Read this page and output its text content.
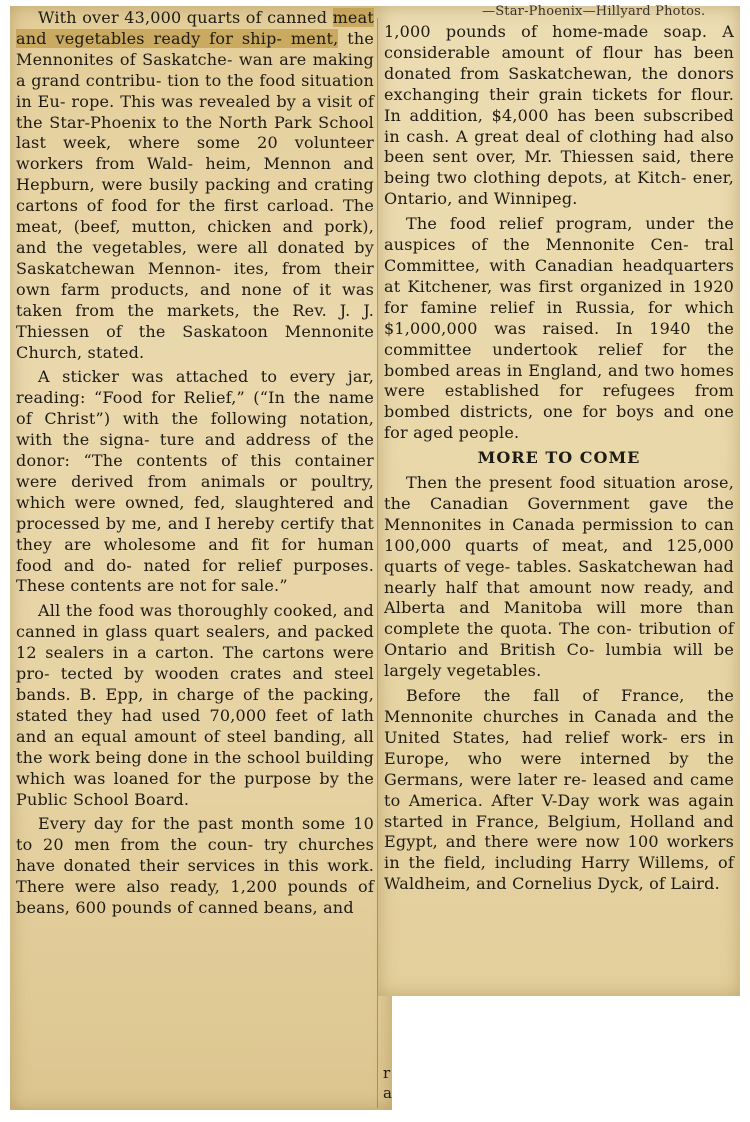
—Star-Phoenix—Hillyard Photos.

With over 43,000 quarts of canned meat and vegetables ready for ship- ment, the Mennonites of Saskatche- wan are making a grand contribu- tion to the food situation in Eu- rope. This was revealed by a visit of the Star-Phoenix to the North Park School last week, where some 20 volunteer workers from Wald- heim, Mennon and Hepburn, were busily packing and crating cartons of food for the first carload. The meat, (beef, mutton, chicken and pork), and the vegetables, were all donated by Saskatchewan Mennon- ites, from their own farm products, and none of it was taken from the markets, the Rev. J. J. Thiessen of the Saskatoon Mennonite Church, stated.

A sticker was attached to every jar, reading: “Food for Relief,” (“In the name of Christ”) with the following notation, with the signa- ture and address of the donor: “The contents of this container were derived from animals or poultry, which were owned, fed, slaughtered and processed by me, and I hereby certify that they are wholesome and fit for human food and do- nated for relief purposes. These contents are not for sale.”

All the food was thoroughly cooked, and canned in glass quart sealers, and packed 12 sealers in a carton. The cartons were pro- tected by wooden crates and steel bands. B. Epp, in charge of the packing, stated they had used 70,000 feet of lath and an equal amount of steel banding, all the work being done in the school building which was loaned for the purpose by the Public School Board.

Every day for the past month some 10 to 20 men from the coun- try churches have donated their services in this work. There were also ready, 1,200 pounds of beans, 600 pounds of canned beans, and

1,000 pounds of home-made soap. A considerable amount of flour has been donated from Saskatchewan, the donors exchanging their grain tickets for flour. In addition, $4,000 has been subscribed in cash. A great deal of clothing had also been sent over, Mr. Thiessen said, there being two clothing depots, at Kitch- ener, Ontario, and Winnipeg.

The food relief program, under the auspices of the Mennonite Cen- tral Committee, with Canadian headquarters at Kitchener, was first organized in 1920 for famine relief in Russia, for which $1,000,000 was raised. In 1940 the committee undertook relief for the bombed areas in England, and two homes were established for refugees from bombed districts, one for boys and one for aged people.

MORE TO COME

Then the present food situation arose, the Canadian Government gave the Mennonites in Canada permission to can 100,000 quarts of meat, and 125,000 quarts of vege- tables. Saskatchewan had nearly half that amount now ready, and Alberta and Manitoba will more than complete the quota. The con- tribution of Ontario and British Co- lumbia will be largely vegetables.

Before the fall of France, the Mennonite churches in Canada and the United States, had relief work- ers in Europe, who were interned by the Germans, were later re- leased and came to America. After V-Day work was again started in France, Belgium, Holland and Egypt, and there were now 100 workers in the field, including Harry Willems, of Waldheim, and Cornelius Dyck, of Laird.

r
a
